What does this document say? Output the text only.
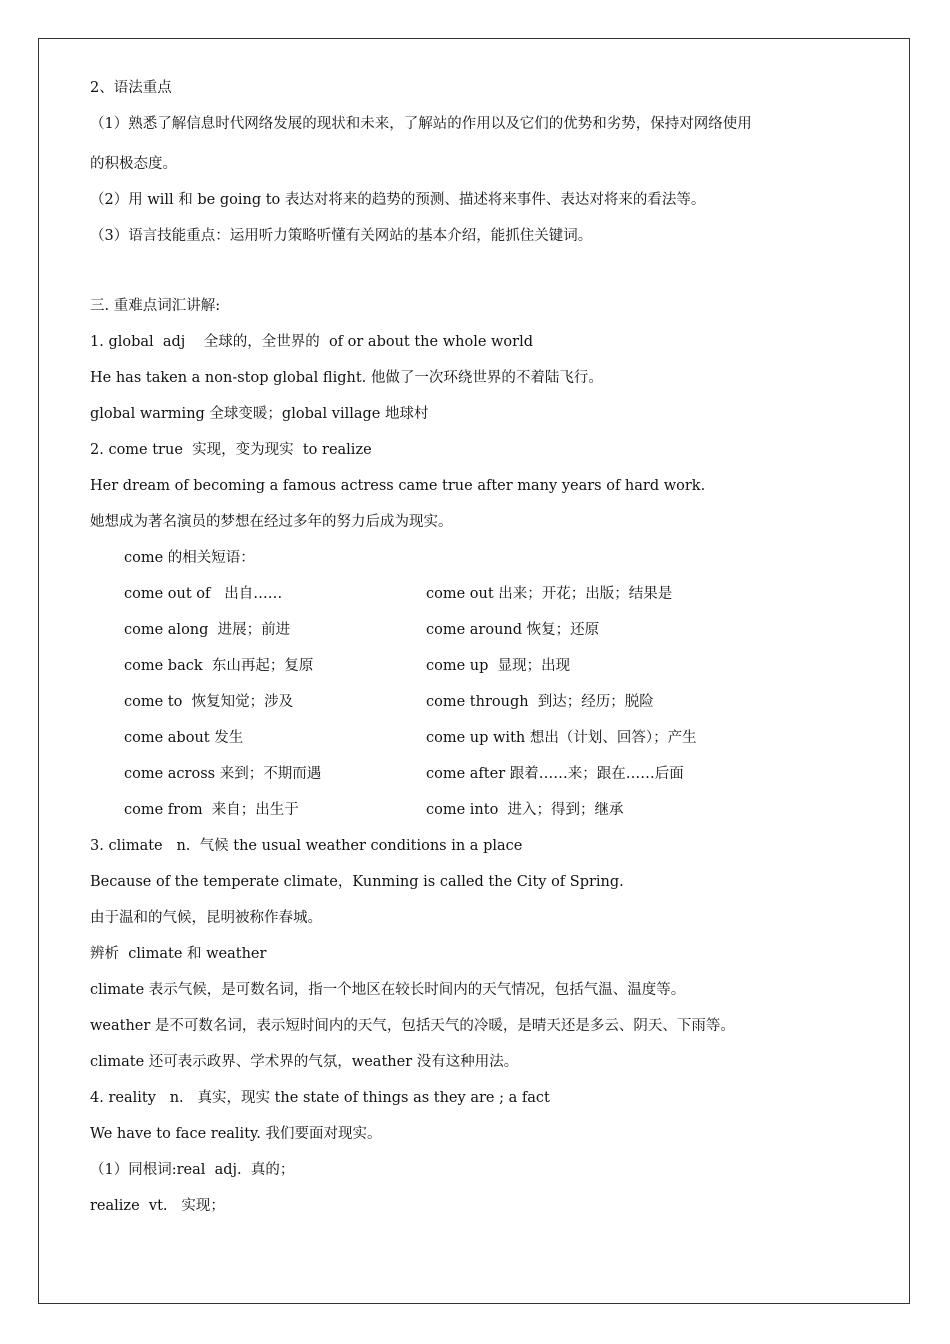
2、语法重点
（1）熟悉了解信息时代网络发展的现状和未来，了解站的作用以及它们的优势和劣势，保持对网络使用
的积极态度。
（2）用 will 和 be going to 表达对将来的趋势的预测、描述将来事件、表达对将来的看法等。
（3）语言技能重点：运用听力策略听懂有关网站的基本介绍，能抓住关键词。
三. 重难点词汇讲解:
1. global  adj    全球的，全世界的  of or about the whole world
He has taken a non-stop global flight. 他做了一次环绕世界的不着陆飞行。
global warming 全球变暖；global village 地球村
2. come true  实现，变为现实  to realize
Her dream of becoming a famous actress came true after many years of hard work.
她想成为著名演员的梦想在经过多年的努力后成为现实。
come 的相关短语：
come out of   出自……	come out 出来；开花；出版；结果是
come along  进展；前进	come around 恢复；还原
come back  东山再起；复原	come up  显现；出现
come to  恢复知觉；涉及	come through  到达；经历；脱险
come about 发生	come up with 想出（计划、回答）；产生
come across 来到；不期而遇	come after 跟着……来；跟在……后面
come from  来自；出生于	come into  进入；得到；继承
3. climate   n.  气候 the usual weather conditions in a place
Because of the temperate climate，Kunming is called the City of Spring.
由于温和的气候，昆明被称作春城。
辨析  climate 和 weather
climate 表示气候，是可数名词，指一个地区在较长时间内的天气情况，包括气温、温度等。
weather 是不可数名词，表示短时间内的天气，包括天气的冷暖，是晴天还是多云、阴天、下雨等。
climate 还可表示政界、学术界的气氛，weather 没有这种用法。
4. reality   n.   真实，现实 the state of things as they are ; a fact
We have to face reality. 我们要面对现实。
（1）同根词:real  adj.  真的；
realize  vt.   实现；
